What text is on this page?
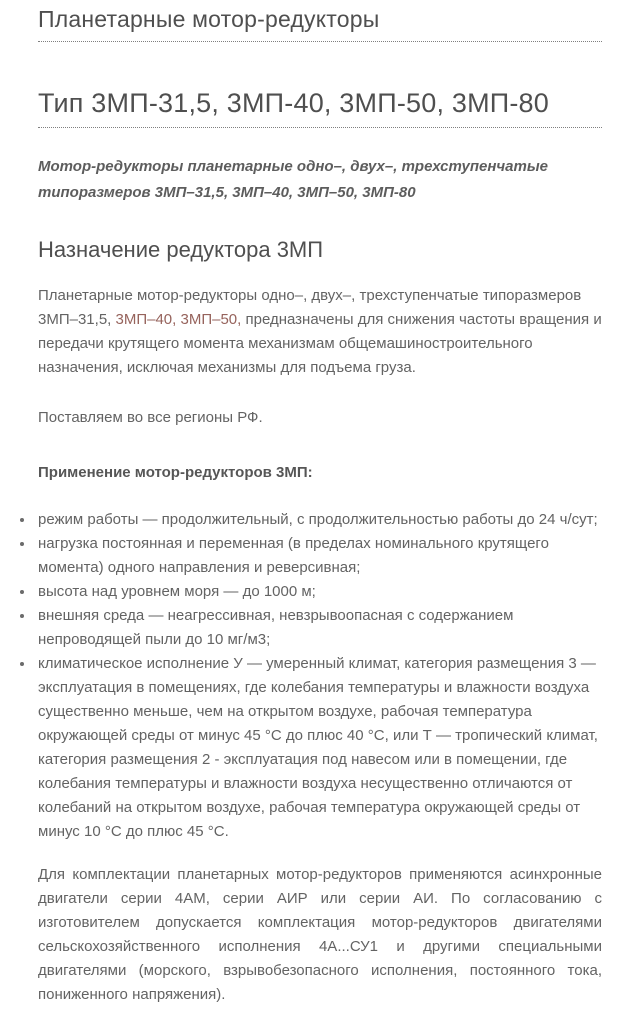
Планетарные мотор-редукторы
Тип 3МП-31,5, 3МП-40, 3МП-50, 3МП-80

Мотор-редукторы планетарные одно–, двух–, трехступенчатые типоразмеров 3МП–31,5, 3МП–40, 3МП–50, 3МП-80

Назначение редуктора 3МП

Планетарные мотор-редукторы одно–, двух–, трехступенчатые типоразмеров 3МП–31,5, 3МП–40, 3МП–50, предназначены для снижения частоты вращения и передачи крутящего момента механизмам общемашиностроительного назначения, исключая механизмы для подъема груза.

Поставляем во все регионы РФ.

Применение мотор-редукторов 3МП:

режим работы — продолжительный, с продолжительностью работы до 24 ч/сут;
нагрузка постоянная и переменная (в пределах номинального крутящего момента) одного направления и реверсивная;
высота над уровнем моря — до 1000 м;
внешняя среда — неагрессивная, невзрывоопасная с содержанием непроводящей пыли до 10 мг/м3;
климатическое исполнение У — умеренный климат, категория размещения 3 — эксплуатация в помещениях, где колебания температуры и влажности воздуха существенно меньше, чем на открытом воздухе, рабочая температура окружающей среды от минус 45 °С до плюс 40 °С, или Т — тропический климат, категория размещения 2 - эксплуатация под навесом или в помещении, где колебания температуры и влажности воздуха несущественно отличаются от колебаний на открытом воздухе, рабочая температура окружающей среды от минус 10 °С до плюс 45 °С.

Для комплектации планетарных мотор-редукторов применяются асинхронные двигатели серии 4АМ, серии АИР или серии АИ. По согласованию с изготовителем допускается комплектация мотор-редукторов двигателями сельскохозяйственного исполнения 4А...СУ1 и другими специальными двигателями (морского, взрывобезопасного исполнения, постоянного тока, пониженного напряжения).
